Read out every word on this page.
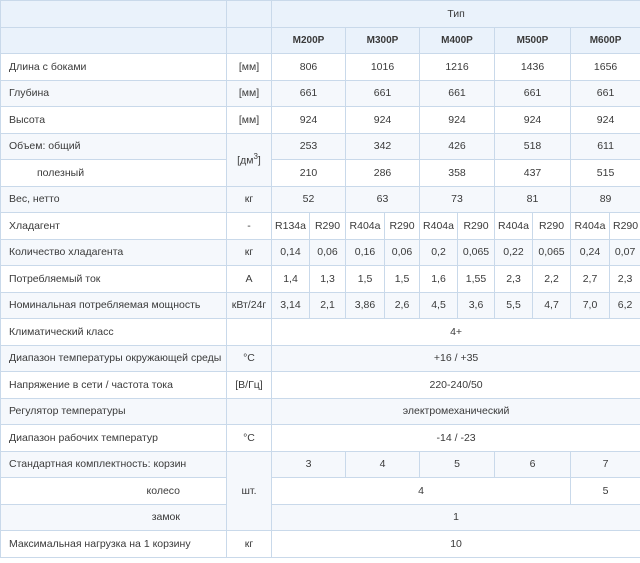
		Тип									
		M200P		M300P		M400P		M500P		M600P	
Длина с боками	[мм]	806		1016		1216		1436		1656	
Глубина	[мм]	661		661		661		661		661	
Высота	[мм]	924		924		924		924		924	
Объем: общий	$[дм^3]$	253		342		426		518		611	
полезный		210		286		358		437		515	
Вес, нетто	кг	52		63		73		81		89	
Хладагент	-	R134a	R290	R404a	R290	R404a	R290	R404a	R290	R404a	R290
Количество хладагента	кг	0,14	0,06	0,16	0,06	0,2	0,065	0,22	0,065	0,24	0,07
Потребляемый ток	А	1,4	1,3	1,5	1,5	1,6	1,55	2,3	2,2	2,7	2,3
Номинальная потребляемая мощность	кВт/24г	3,14	2,1	3,86	2,6	4,5	3,6	5,5	4,7	7,0	6,2
Климатический класс		4+									
Диапазон температуры окружающей среды	°C	+16 / +35									
Напряжение в сети / частота тока	[В/Гц]	220-240/50									
Регулятор температуры		электромеханический									
Диапазон рабочих температур	°C	-14 / -23									
Стандартная комплектность: корзин	шт.	3		4		5		6		7	
колесо		4								5	
замок		1									
Максимальная нагрузка на 1 корзину	кг	10									
